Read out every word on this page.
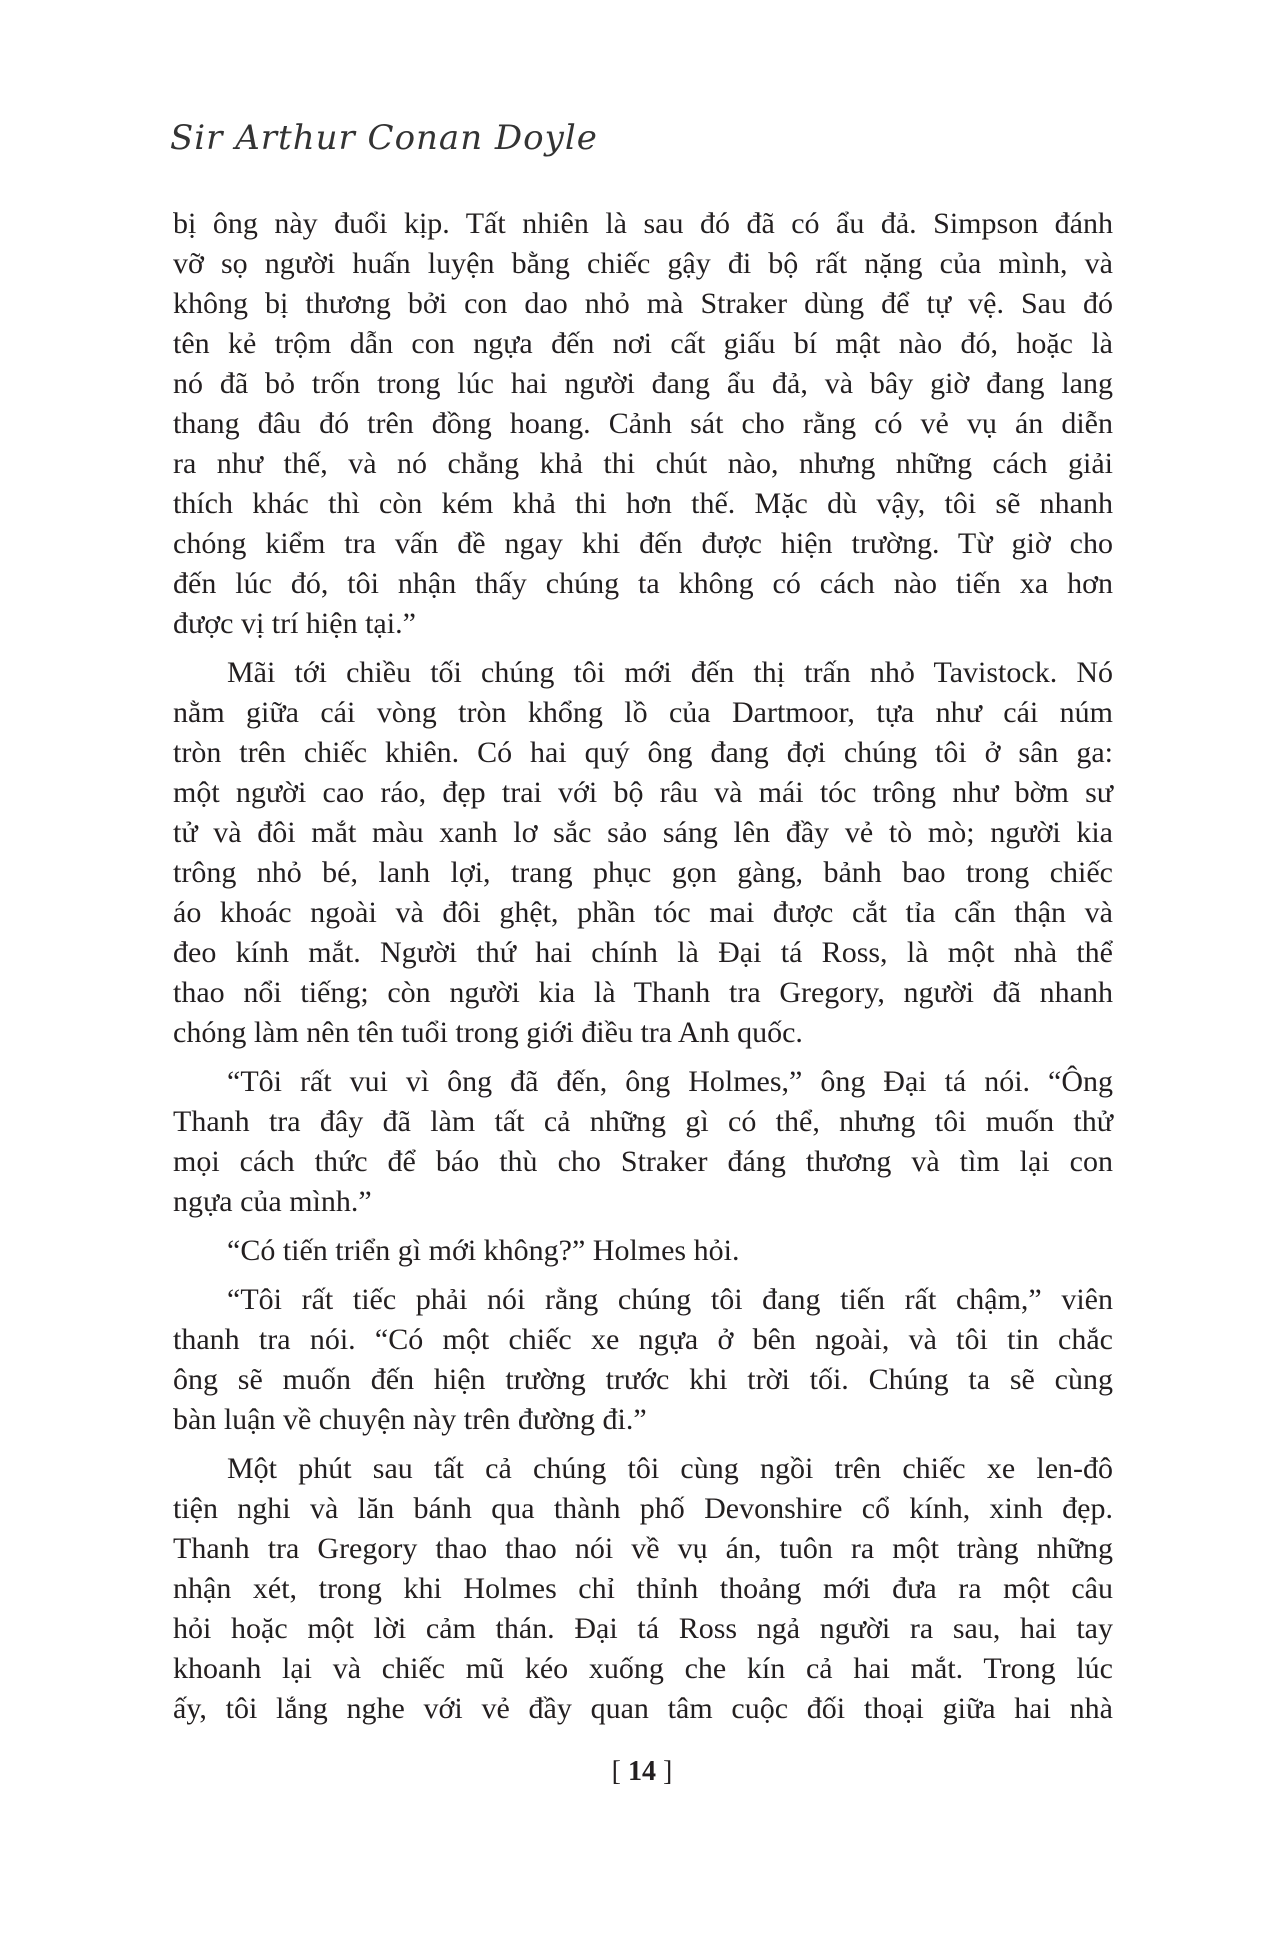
Sir Arthur Conan Doyle
bị ông này đuổi kịp. Tất nhiên là sau đó đã có ẩu đả. Simpson đánh
vỡ sọ người huấn luyện bằng chiếc gậy đi bộ rất nặng của mình, và
không bị thương bởi con dao nhỏ mà Straker dùng để tự vệ. Sau đó
tên kẻ trộm dẫn con ngựa đến nơi cất giấu bí mật nào đó, hoặc là
nó đã bỏ trốn trong lúc hai người đang ẩu đả, và bây giờ đang lang
thang đâu đó trên đồng hoang. Cảnh sát cho rằng có vẻ vụ án diễn
ra như thế, và nó chẳng khả thi chút nào, nhưng những cách giải
thích khác thì còn kém khả thi hơn thế. Mặc dù vậy, tôi sẽ nhanh
chóng kiểm tra vấn đề ngay khi đến được hiện trường. Từ giờ cho
đến lúc đó, tôi nhận thấy chúng ta không có cách nào tiến xa hơn
được vị trí hiện tại.”
Mãi tới chiều tối chúng tôi mới đến thị trấn nhỏ Tavistock. Nó
nằm giữa cái vòng tròn khổng lồ của Dartmoor, tựa như cái núm
tròn trên chiếc khiên. Có hai quý ông đang đợi chúng tôi ở sân ga:
một người cao ráo, đẹp trai với bộ râu và mái tóc trông như bờm sư
tử và đôi mắt màu xanh lơ sắc sảo sáng lên đầy vẻ tò mò; người kia
trông nhỏ bé, lanh lợi, trang phục gọn gàng, bảnh bao trong chiếc
áo khoác ngoài và đôi ghệt, phần tóc mai được cắt tỉa cẩn thận và
đeo kính mắt. Người thứ hai chính là Đại tá Ross, là một nhà thể
thao nổi tiếng; còn người kia là Thanh tra Gregory, người đã nhanh
chóng làm nên tên tuổi trong giới điều tra Anh quốc.
“Tôi rất vui vì ông đã đến, ông Holmes,” ông Đại tá nói. “Ông
Thanh tra đây đã làm tất cả những gì có thể, nhưng tôi muốn thử
mọi cách thức để báo thù cho Straker đáng thương và tìm lại con
ngựa của mình.”
“Có tiến triển gì mới không?” Holmes hỏi.
“Tôi rất tiếc phải nói rằng chúng tôi đang tiến rất chậm,” viên
thanh tra nói. “Có một chiếc xe ngựa ở bên ngoài, và tôi tin chắc
ông sẽ muốn đến hiện trường trước khi trời tối. Chúng ta sẽ cùng
bàn luận về chuyện này trên đường đi.”
Một phút sau tất cả chúng tôi cùng ngồi trên chiếc xe len-đô
tiện nghi và lăn bánh qua thành phố Devonshire cổ kính, xinh đẹp.
Thanh tra Gregory thao thao nói về vụ án, tuôn ra một tràng những
nhận xét, trong khi Holmes chỉ thỉnh thoảng mới đưa ra một câu
hỏi hoặc một lời cảm thán. Đại tá Ross ngả người ra sau, hai tay
khoanh lại và chiếc mũ kéo xuống che kín cả hai mắt. Trong lúc
ấy, tôi lắng nghe với vẻ đầy quan tâm cuộc đối thoại giữa hai nhà
[ 14 ]
